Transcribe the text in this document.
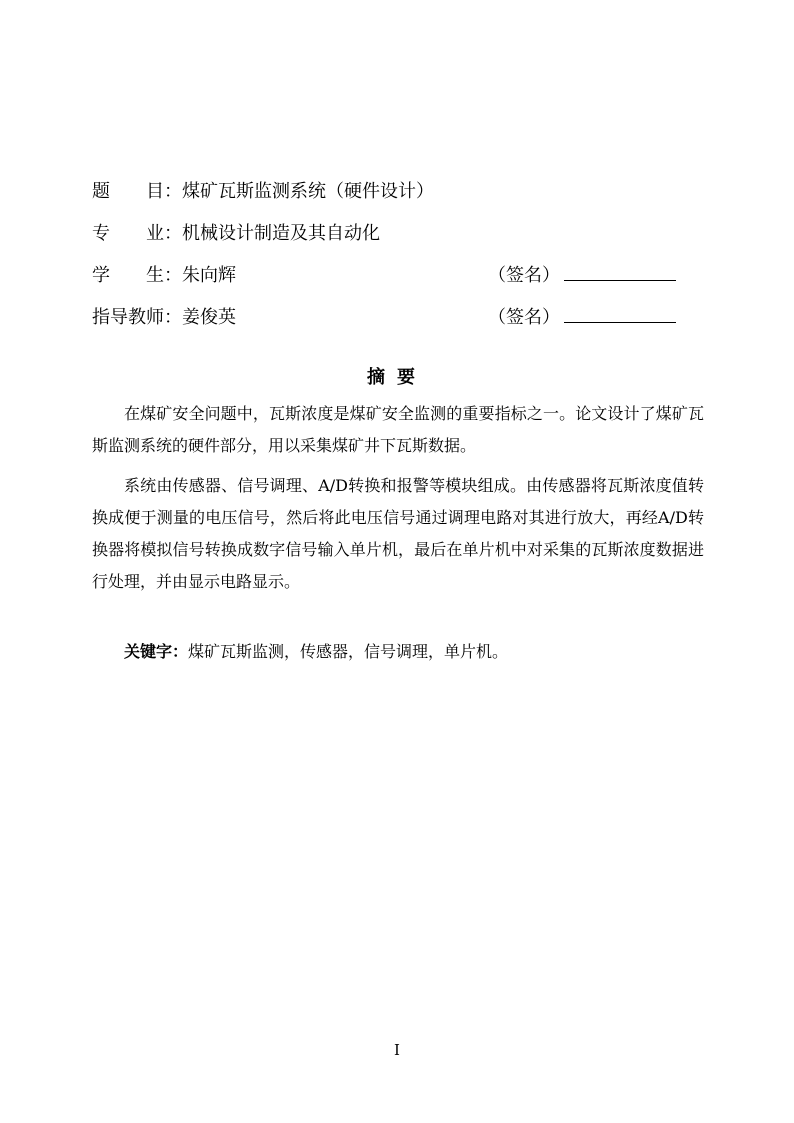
题 目： 煤矿瓦斯监测系统（硬件设计）
专 业： 机械设计制造及其自动化
学 生： 朱向辉	（签名）
指导教师： 姜俊英	（签名）
摘要

在煤矿安全问题中，瓦斯浓度是煤矿安全监测的重要指标之一。论文设计了煤矿瓦斯监测系统的硬件部分，用以采集煤矿井下瓦斯数据。

系统由传感器、信号调理、A/D转换和报警等模块组成。由传感器将瓦斯浓度值转换成便于测量的电压信号，然后将此电压信号通过调理电路对其进行放大，再经A/D转换器将模拟信号转换成数字信号输入单片机，最后在单片机中对采集的瓦斯浓度数据进行处理，并由显示电路显示。

关键字：煤矿瓦斯监测，传感器，信号调理，单片机。
I
